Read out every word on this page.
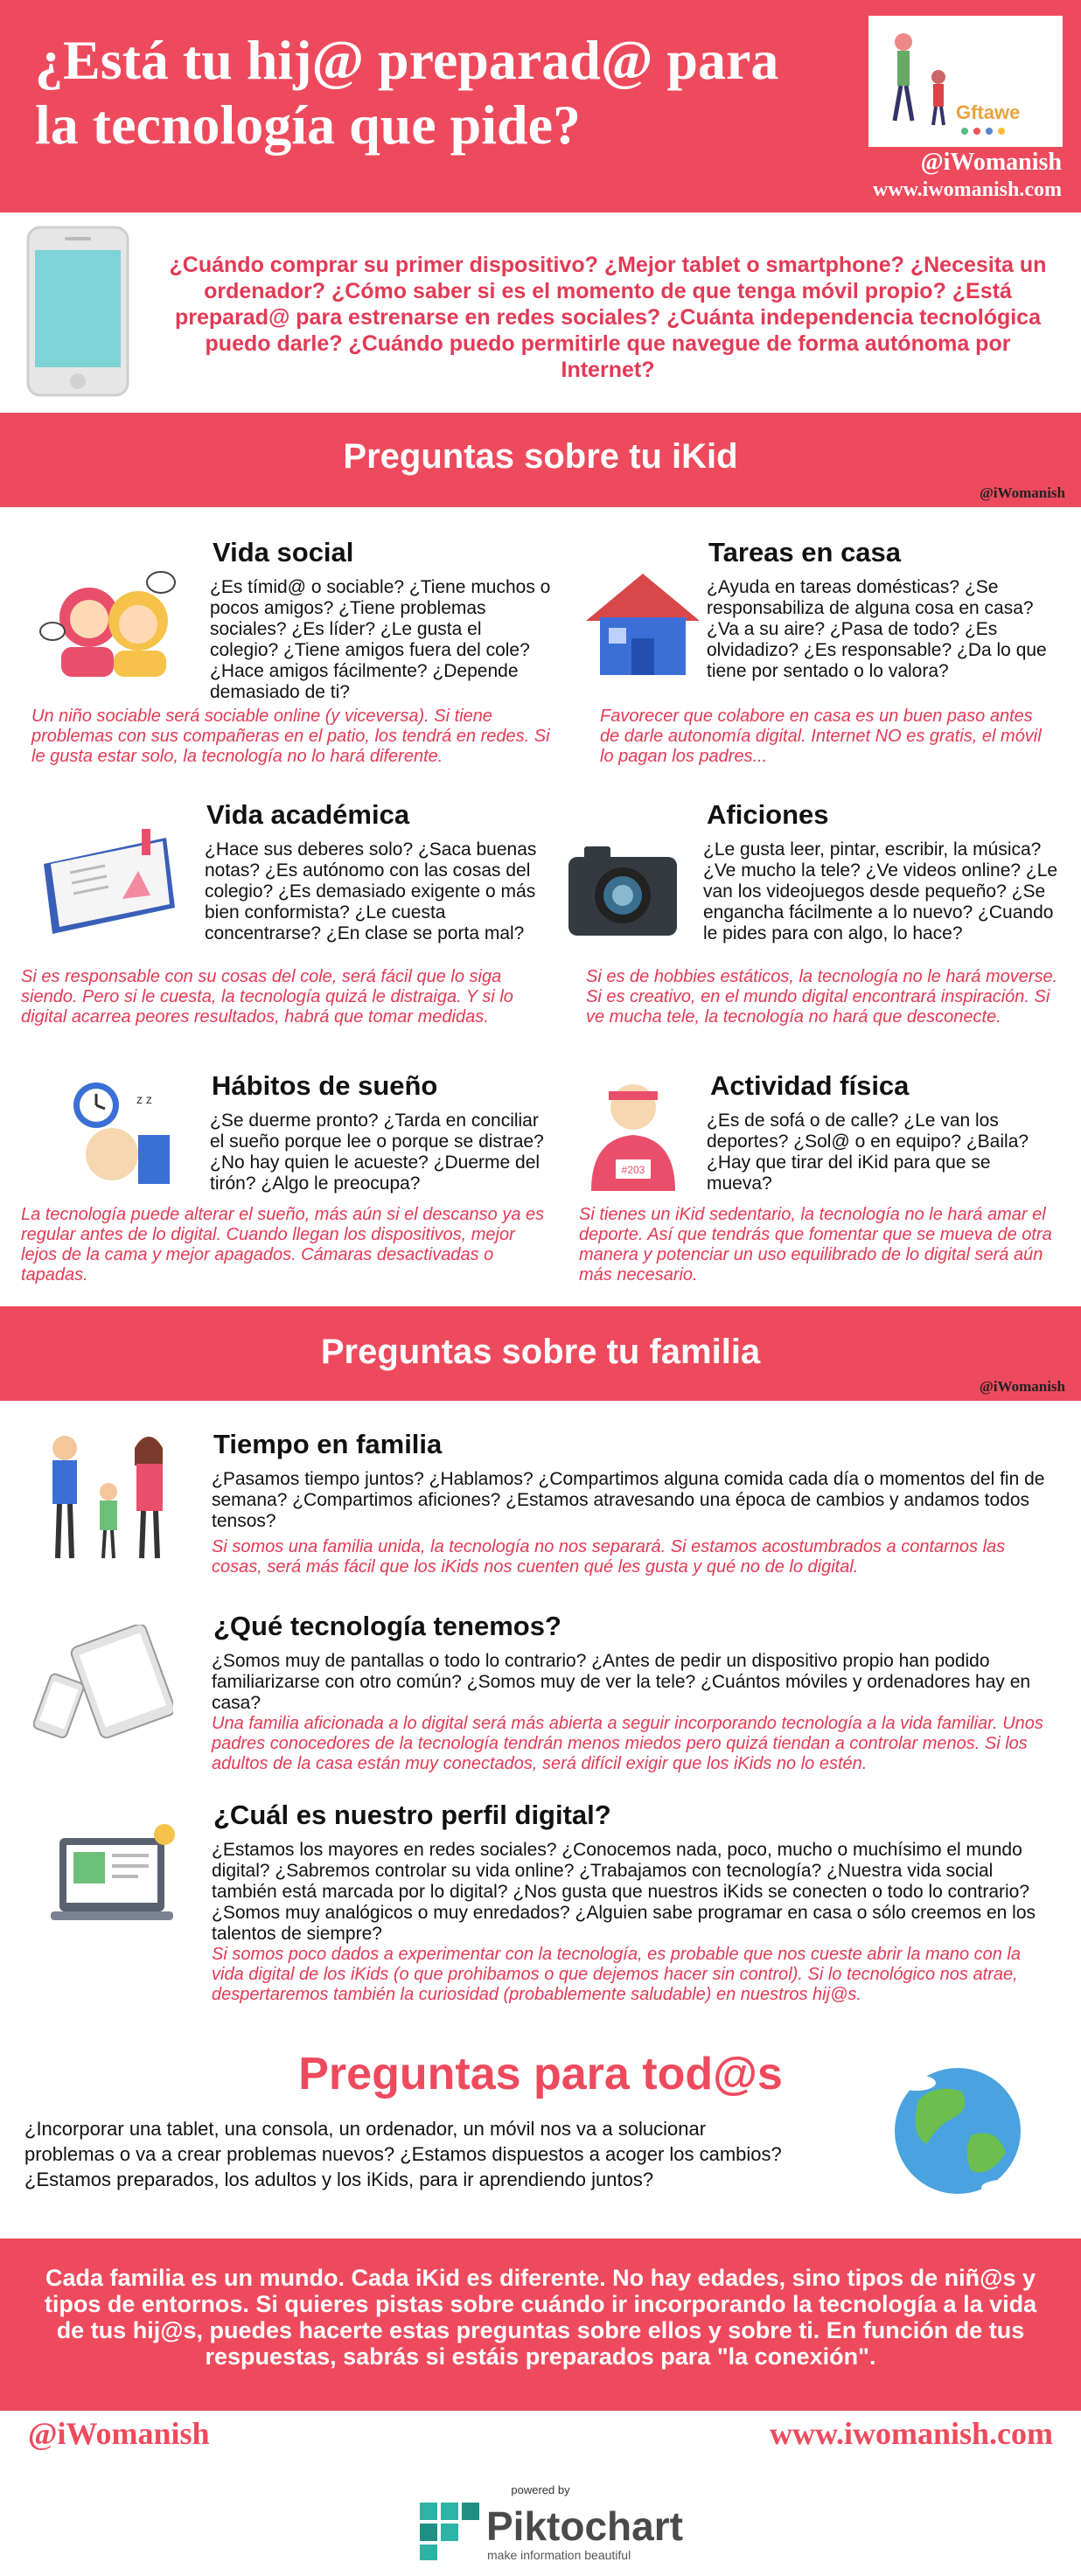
¿Está tu hij@ preparad@ para la tecnología que pide?	Gftawe
@iWomanish
www.iwomanish.com
¿Cuándo comprar su primer dispositivo? ¿Mejor tablet o smartphone? ¿Necesita un ordenador? ¿Cómo saber si es el momento de que tenga móvil propio? ¿Está preparad@ para estrenarse en redes sociales? ¿Cuánta independencia tecnológica puedo darle? ¿Cuándo puedo permitirle que navegue de forma autónoma por Internet?
Preguntas sobre tu iKid
@iWomanish
Vida social
¿Es tímid@ o sociable? ¿Tiene muchos o pocos amigos? ¿Tiene problemas sociales? ¿Es líder? ¿Le gusta el colegio? ¿Tiene amigos fuera del cole? ¿Hace amigos fácilmente? ¿Depende demasiado de ti?
Un niño sociable será sociable online (y viceversa). Si tiene problemas con sus compañeras en el patio, los tendrá en redes. Si le gusta estar solo, la tecnología no lo hará diferente.
Tareas en casa
¿Ayuda en tareas domésticas? ¿Se responsabiliza de alguna cosa en casa? ¿Va a su aire? ¿Pasa de todo? ¿Es olvidadizo? ¿Es responsable? ¿Da lo que tiene por sentado o lo valora?
Favorecer que colabore en casa es un buen paso antes de darle autonomía digital. Internet NO es gratis, el móvil lo pagan los padres...
Vida académica
¿Hace sus deberes solo? ¿Saca buenas notas? ¿Es autónomo con las cosas del colegio? ¿Es demasiado exigente o más bien conformista? ¿Le cuesta concentrarse? ¿En clase se porta mal?
Si es responsable con su cosas del cole, será fácil que lo siga siendo. Pero si le cuesta, la tecnología quizá le distraiga. Y si lo digital acarrea peores resultados, habrá que tomar medidas.
Aficiones
¿Le gusta leer, pintar, escribir, la música? ¿Ve mucho la tele? ¿Ve videos online? ¿Le van los videojuegos desde pequeño? ¿Se engancha fácilmente a lo nuevo? ¿Cuando le pides para con algo, lo hace?
Si es de hobbies estáticos, la tecnología no le hará moverse. Si es creativo, en el mundo digital encontrará inspiración. Si ve mucha tele, la tecnología no hará que desconecte.
z z Hábitos de sueño
¿Se duerme pronto? ¿Tarda en conciliar el sueño porque lee o porque se distrae? ¿No hay quien le acueste? ¿Duerme del tirón? ¿Algo le preocupa?
La tecnología puede alterar el sueño, más aún si el descanso ya es regular antes de lo digital. Cuando llegan los dispositivos, mejor lejos de la cama y mejor apagados. Cámaras desactivadas o tapadas.
#203
Actividad física
¿Es de sofá o de calle? ¿Le van los deportes? ¿Sol@ o en equipo? ¿Baila? ¿Hay que tirar del iKid para que se mueva?
Si tienes un iKid sedentario, la tecnología no le hará amar el deporte. Así que tendrás que fomentar que se mueva de otra manera y potenciar un uso equilibrado de lo digital será aún más necesario.
Preguntas sobre tu familia
@iWomanish
Tiempo en familia
¿Pasamos tiempo juntos? ¿Hablamos? ¿Compartimos alguna comida cada día o momentos del fin de semana? ¿Compartimos aficiones? ¿Estamos atravesando una época de cambios y andamos todos tensos?
Si somos una familia unida, la tecnología no nos separará. Si estamos acostumbrados a contarnos las cosas, será más fácil que los iKids nos cuenten qué les gusta y qué no de lo digital.
¿Qué tecnología tenemos?
¿Somos muy de pantallas o todo lo contrario? ¿Antes de pedir un dispositivo propio han podido familiarizarse con otro común? ¿Somos muy de ver la tele? ¿Cuántos móviles y ordenadores hay en casa?
Una familia aficionada a lo digital será más abierta a seguir incorporando tecnología a la vida familiar. Unos padres conocedores de la tecnología tendrán menos miedos pero quizá tiendan a controlar menos. Si los adultos de la casa están muy conectados, será difícil exigir que los iKids no lo estén.
¿Cuál es nuestro perfil digital?
¿Estamos los mayores en redes sociales? ¿Conocemos nada, poco, mucho o muchísimo el mundo digital? ¿Sabremos controlar su vida online? ¿Trabajamos con tecnología? ¿Nuestra vida social también está marcada por lo digital? ¿Nos gusta que nuestros iKids se conecten o todo lo contrario? ¿Somos muy analógicos o muy enredados? ¿Alguien sabe programar en casa o sólo creemos en los talentos de siempre?
Si somos poco dados a experimentar con la tecnología, es probable que nos cueste abrir la mano con la vida digital de los iKids (o que prohibamos o que dejemos hacer sin control). Si lo tecnológico nos atrae, despertaremos también la curiosidad (probablemente saludable) en nuestros hij@s.
Preguntas para tod@s
¿Incorporar una tablet, una consola, un ordenador, un móvil nos va a solucionar problemas o va a crear problemas nuevos? ¿Estamos dispuestos a acoger los cambios? ¿Estamos preparados, los adultos y los iKids, para ir aprendiendo juntos?
Cada familia es un mundo. Cada iKid es diferente. No hay edades, sino tipos de niñ@s y tipos de entornos. Si quieres pistas sobre cuándo ir incorporando la tecnología a la vida de tus hij@s, puedes hacerte estas preguntas sobre ellos y sobre ti. En función de tus respuestas, sabrás si estáis preparados para "la conexión".
@iWomanish	www.iwomanish.com
powered by
Piktochart
make information beautiful
